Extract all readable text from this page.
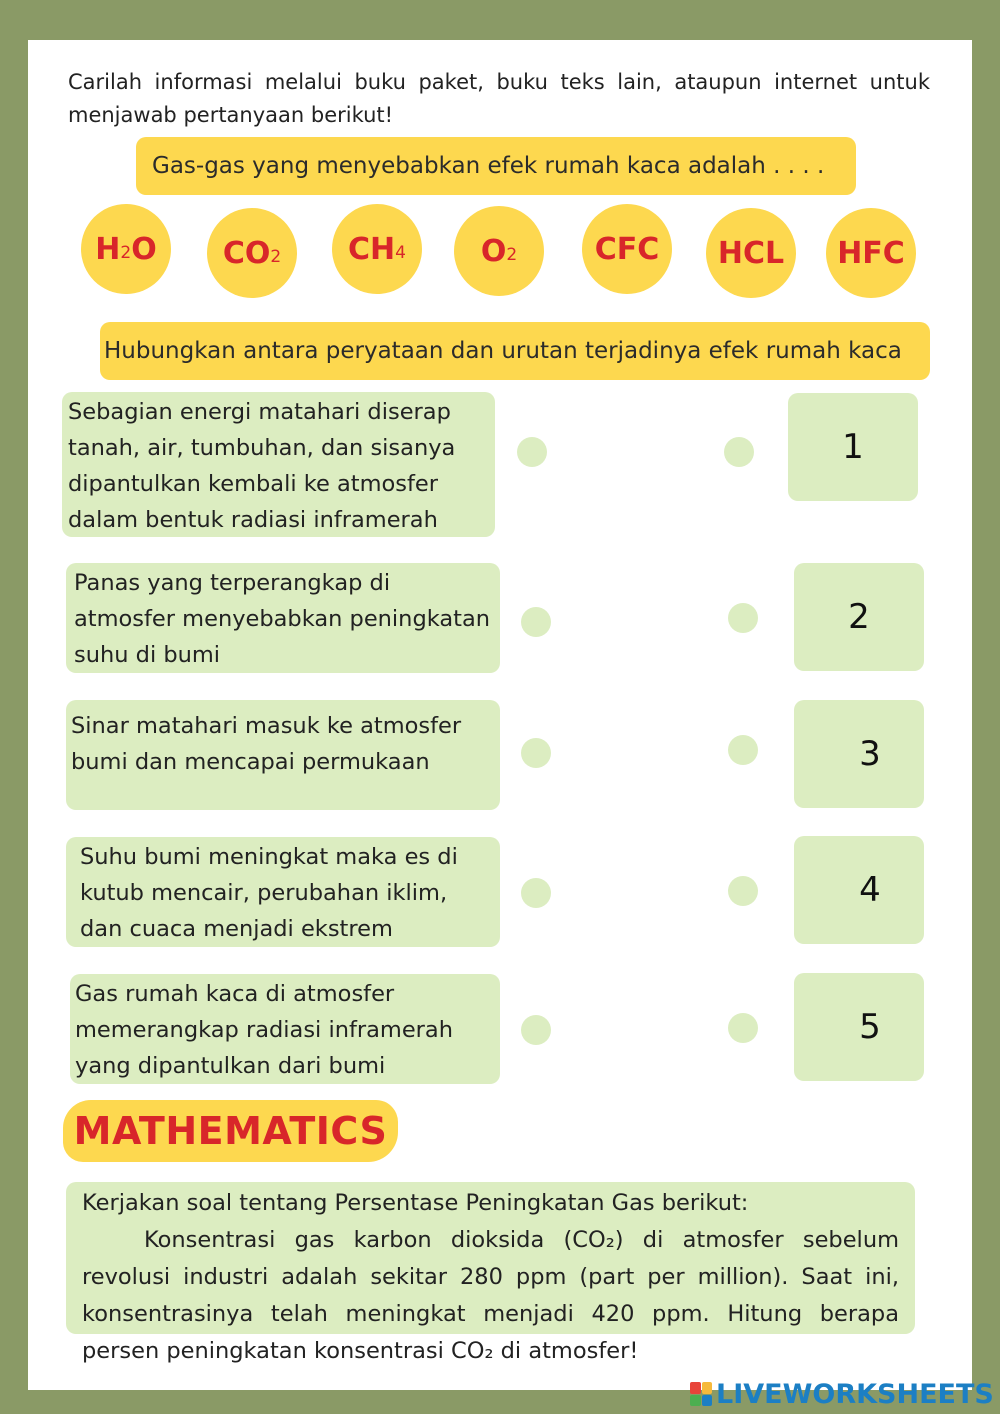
Carilah informasi melalui buku paket, buku teks lain, ataupun internet untuk menjawab pertanyaan berikut!
Gas-gas yang menyebabkan efek rumah kaca adalah . . . .
$H_2$ O $CO_2$ $CH_4$ $O_2$	CFC HCL HFC
Hubungkan antara peryataan dan urutan terjadinya efek rumah kaca
Sebagian energi matahari diserap tanah, air, tumbuhan, dan sisanya dipantulkan kembali ke atmosfer dalam bentuk radiasi inframerah
1
Panas yang terperangkap di atmosfer menyebabkan peningkatan suhu di bumi
2
Sinar matahari masuk ke atmosfer bumi dan mencapai permukaan	3
Suhu bumi meningkat maka es di kutub mencair, perubahan iklim, dan cuaca menjadi ekstrem
4
Gas rumah kaca di atmosfer memerangkap radiasi inframerah yang dipantulkan dari bumi
5
MATHEMATICS

Kerjakan soal tentang Persentase Peningkatan Gas berikut:

Konsentrasi gas karbon dioksida (CO₂) di atmosfer sebelum revolusi industri adalah sekitar 280 ppm (part per million). Saat ini, konsentrasinya telah meningkat menjadi 420 ppm. Hitung berapa persen peningkatan konsentrasi CO₂ di atmosfer!

LIVEWORKSHEETS
